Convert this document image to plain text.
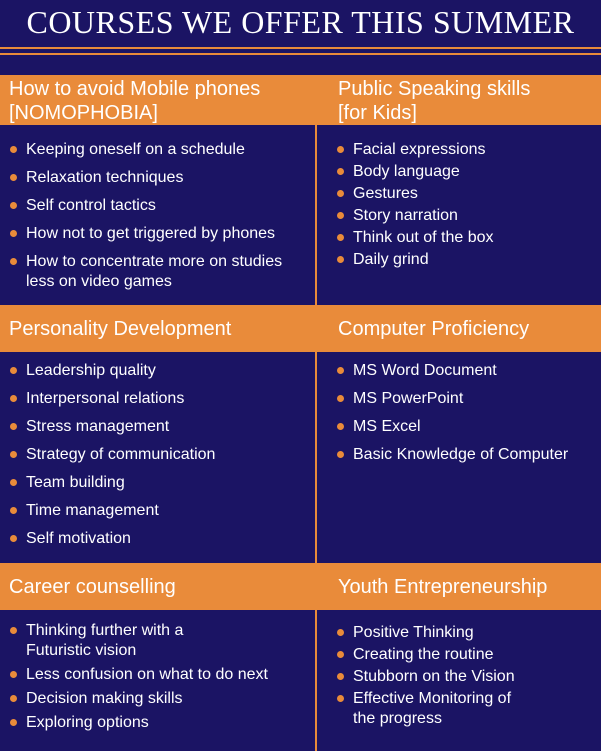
COURSES WE OFFER THIS SUMMER
How to avoid Mobile phones
[NOMOPHOBIA]
Keeping oneself on a schedule
Relaxation techniques
Self control tactics
How not to get triggered by phones
How to concentrate more on studies
less on video games
Public Speaking skills
[for Kids]
Facial expressions
Body language
Gestures
Story narration
Think out of the box
Daily grind
Personality Development
Leadership quality
Interpersonal relations
Stress management
Strategy of communication
Team building
Time management
Self motivation
Computer Proficiency
MS Word Document
MS PowerPoint
MS Excel
Basic Knowledge of Computer
Career counselling
Thinking further with a
Futuristic vision
Less confusion on what to do next
Decision making skills
Exploring options
Youth Entrepreneurship
Positive Thinking
Creating the routine
Stubborn on the Vision
Effective Monitoring of
the progress
